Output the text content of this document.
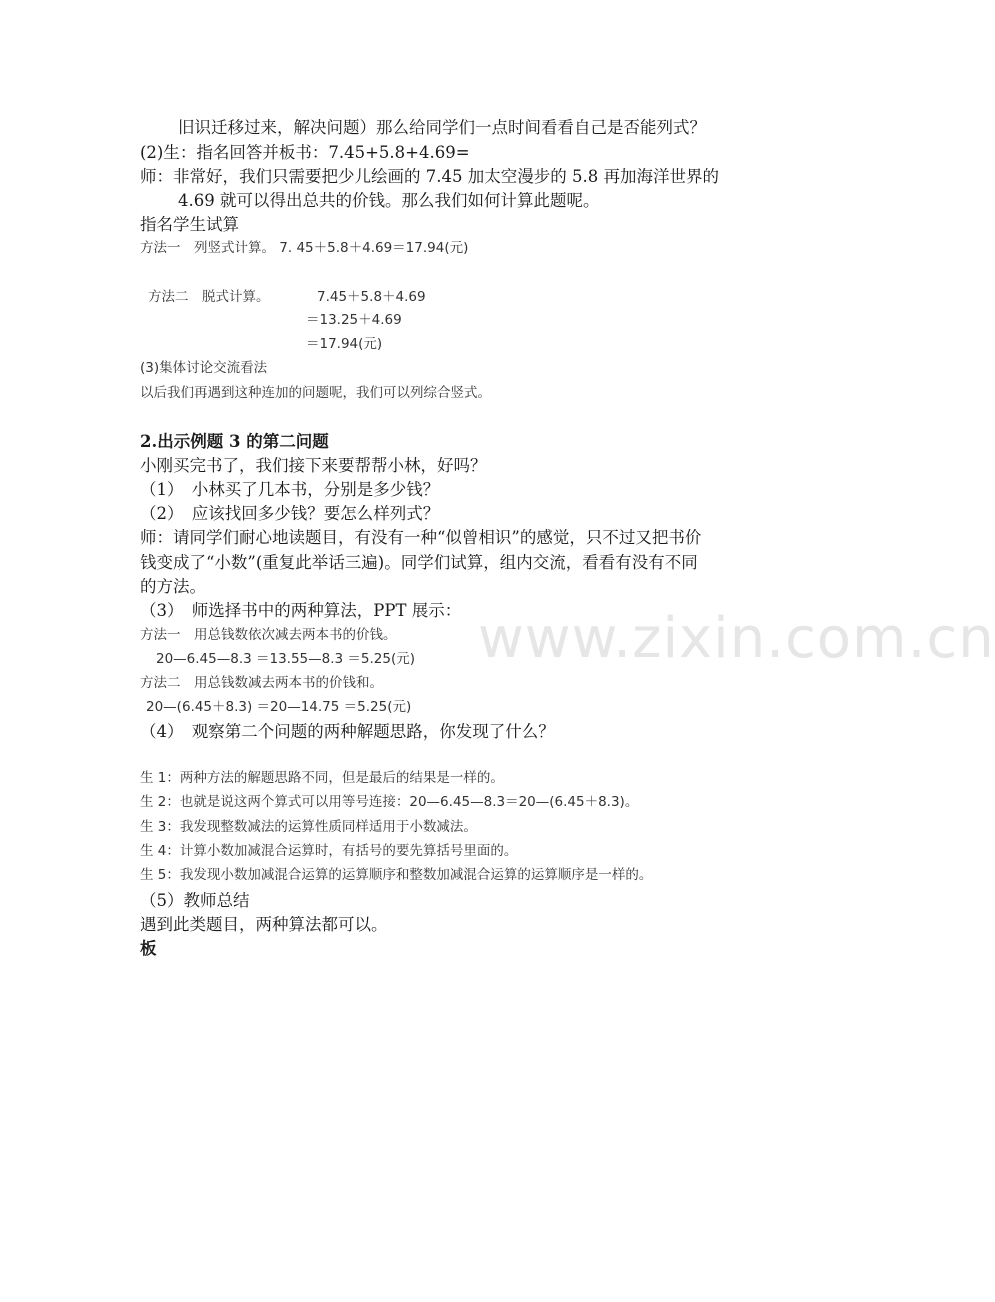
www.zixin.com.cn
旧识迁移过来，解决问题）那么给同学们一点时间看看自己是否能列式？
(2)生：指名回答并板书：7.45+5.8+4.69=
师：非常好，我们只需要把少儿绘画的 7.45 加太空漫步的 5.8 再加海洋世界的
4.69 就可以得出总共的价钱。那么我们如何计算此题呢。
指名学生试算
方法一　列竖式计算。 7. 45＋5.8＋4.69＝17.94(元)
方法二　脱式计算。	7.45＋5.8＋4.69
＝13.25＋4.69
＝17.94(元)
(3)集体讨论交流看法
以后我们再遇到这种连加的问题呢，我们可以列综合竖式。
2.出示例题 3 的第二问题
小刚买完书了，我们接下来要帮帮小林，好吗？
（1）　小林买了几本书，分别是多少钱？
（2）　应该找回多少钱？要怎么样列式？
师：请同学们耐心地读题目，有没有一种“似曾相识”的感觉，只不过又把书价
钱变成了“小数”(重复此举话三遍)。同学们试算，组内交流，看看有没有不同
的方法。
（3）　师选择书中的两种算法，PPT 展示：
方法一　用总钱数依次减去两本书的价钱。
20—6.45—8.3 ＝13.55—8.3 ＝5.25(元)
方法二　用总钱数减去两本书的价钱和。
20—(6.45＋8.3) ＝20—14.75 ＝5.25(元)
（4）　观察第二个问题的两种解题思路，你发现了什么？
生 1：两种方法的解题思路不同，但是最后的结果是一样的。
生 2：也就是说这两个算式可以用等号连接：20—6.45—8.3＝20—(6.45＋8.3)。
生 3：我发现整数减法的运算性质同样适用于小数减法。
生 4：计算小数加减混合运算时，有括号的要先算括号里面的。
生 5：我发现小数加减混合运算的运算顺序和整数加减混合运算的运算顺序是一样的。
（5）教师总结
遇到此类题目，两种算法都可以。
板
